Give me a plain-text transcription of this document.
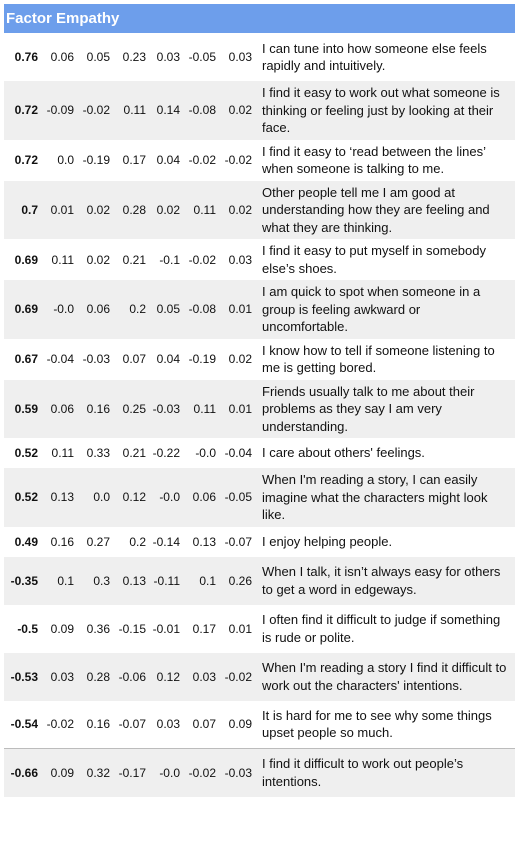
Factor Empathy
0.76	0.06	0.05	0.23	0.03	-0.05	0.03	I can tune into how someone else feels rapidly and intuitively.
0.72	-0.09	-0.02	0.11	0.14	-0.08	0.02	I find it easy to work out what someone is thinking or feeling just by looking at their face.
0.72	0.0	-0.19	0.17	0.04	-0.02	-0.02	I find it easy to ‘read between the lines’ when someone is talking to me.
0.7	0.01	0.02	0.28	0.02	0.11	0.02	Other people tell me I am good at understanding how they are feeling and what they are thinking.
0.69	0.11	0.02	0.21	-0.1	-0.02	0.03	I find it easy to put myself in somebody else’s shoes.
0.69	-0.0	0.06	0.2	0.05	-0.08	0.01	I am quick to spot when someone in a group is feeling awkward or uncomfortable.
0.67	-0.04	-0.03	0.07	0.04	-0.19	0.02	I know how to tell if someone listening to me is getting bored.
0.59	0.06	0.16	0.25	-0.03	0.11	0.01	Friends usually talk to me about their problems as they say I am very understanding.
0.52	0.11	0.33	0.21	-0.22	-0.0	-0.04	I care about others' feelings.
0.52	0.13	0.0	0.12	-0.0	0.06	-0.05	When I'm reading a story, I can easily imagine what the characters might look like.
0.49	0.16	0.27	0.2	-0.14	0.13	-0.07	I enjoy helping people.
-0.35	0.1	0.3	0.13	-0.11	0.1	0.26	When I talk, it isn’t always easy for others to get a word in edgeways.
-0.5	0.09	0.36	-0.15	-0.01	0.17	0.01	I often find it difficult to judge if something is rude or polite.
-0.53	0.03	0.28	-0.06	0.12	0.03	-0.02	When I'm reading a story I find it difficult to work out the characters' intentions.
-0.54	-0.02	0.16	-0.07	0.03	0.07	0.09	It is hard for me to see why some things upset people so much.
-0.66	0.09	0.32	-0.17	-0.0	-0.02	-0.03	I find it difficult to work out people’s intentions.
